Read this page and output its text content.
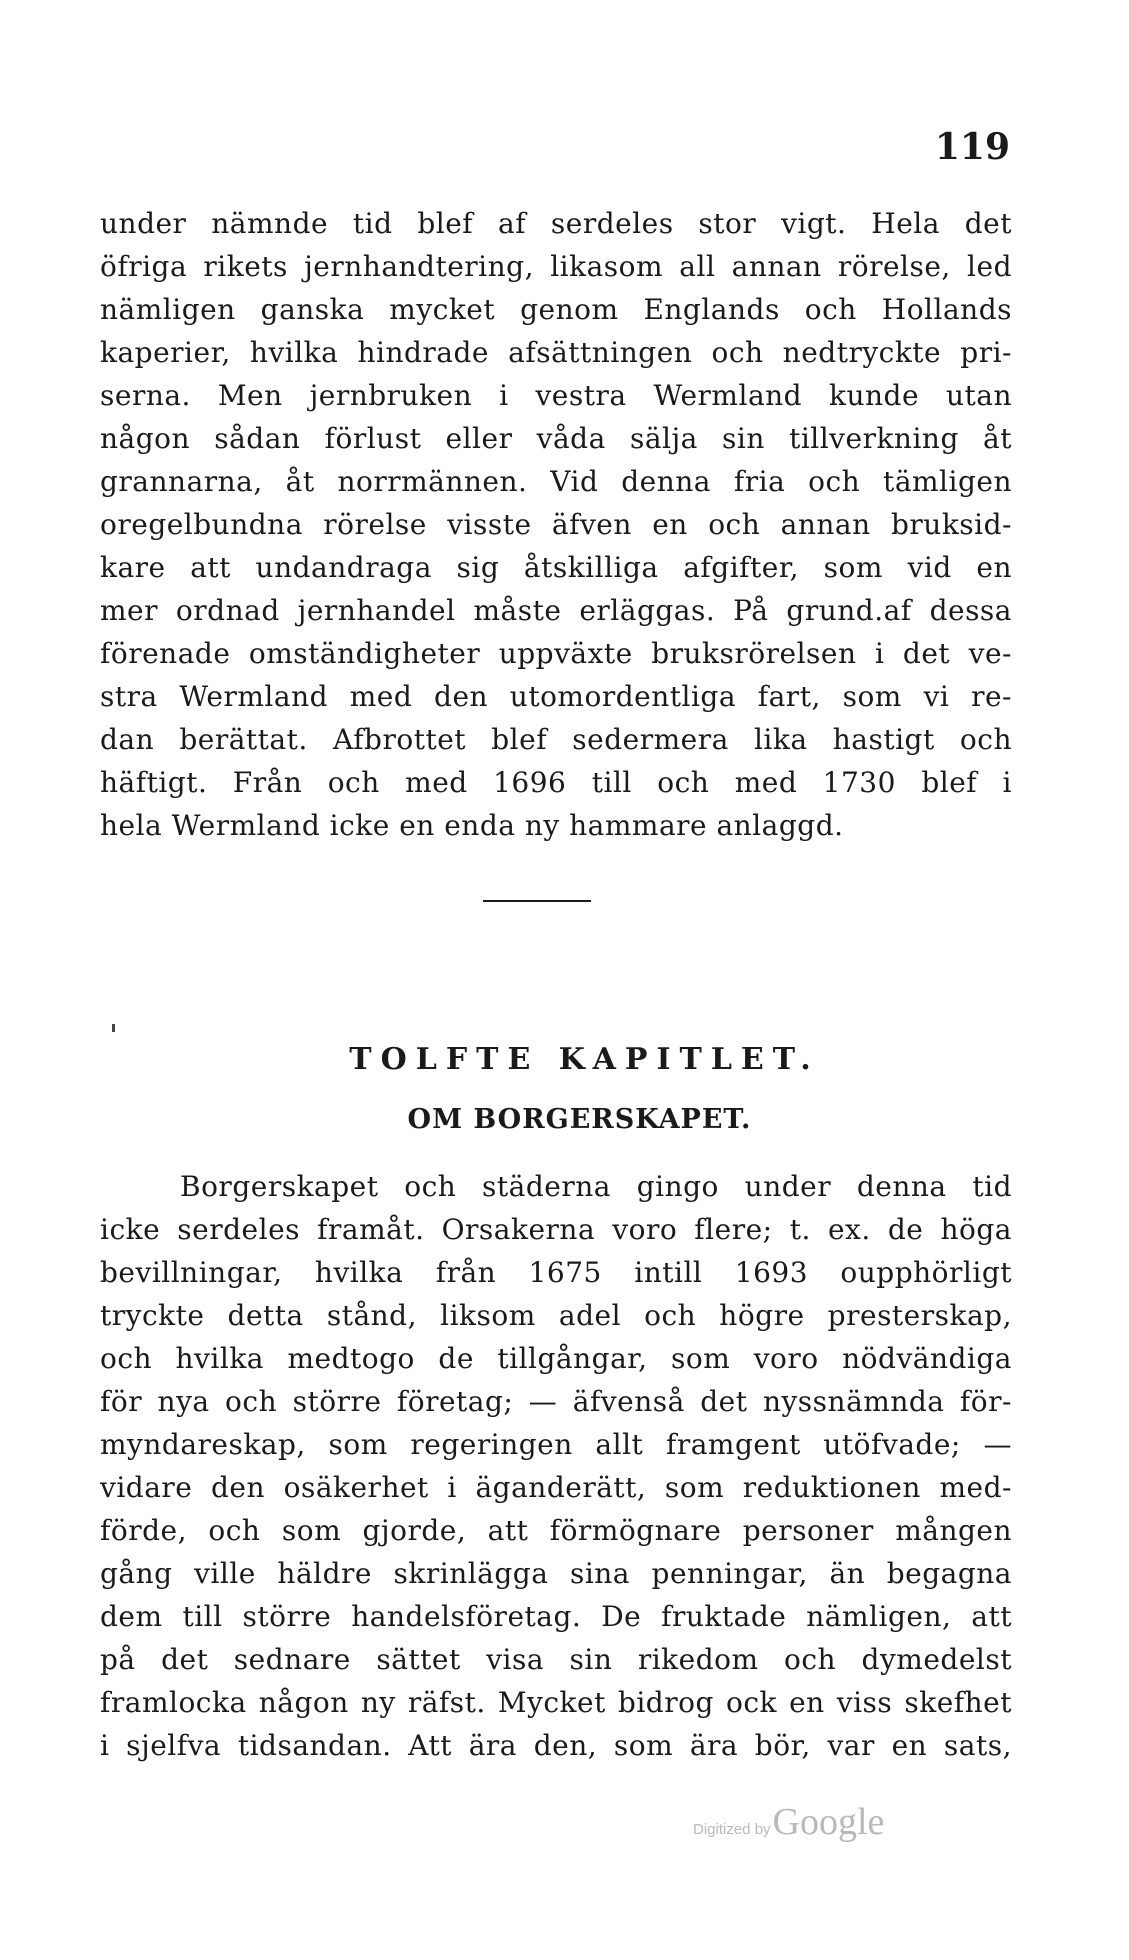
119
under nämnde tid blef af serdeles stor vigt. Hela det
öfriga rikets jernhandtering, likasom all annan rörelse, led
nämligen ganska mycket genom Englands och Hollands
kaperier, hvilka hindrade afsättningen och nedtryckte pri-
serna. Men jernbruken i vestra Wermland kunde utan
någon sådan förlust eller våda sälja sin tillverkning åt
grannarna, åt norrmännen. Vid denna fria och tämligen
oregelbundna rörelse visste äfven en och annan bruksid-
kare att undandraga sig åtskilliga afgifter, som vid en
mer ordnad jernhandel måste erläggas. På grund.af dessa
förenade omständigheter uppväxte bruksrörelsen i det ve-
stra Wermland med den utomordentliga fart, som vi re-
dan berättat. Afbrottet blef sedermera lika hastigt och
häftigt. Från och med 1696 till och med 1730 blef i
hela Wermland icke en enda ny hammare anlaggd.
TOLFTE KAPITLET.
OM BORGERSKAPET.
Borgerskapet och städerna gingo under denna tid
icke serdeles framåt. Orsakerna voro flere; t. ex. de höga
bevillningar, hvilka från 1675 intill 1693 oupphörligt
tryckte detta stånd, liksom adel och högre presterskap,
och hvilka medtogo de tillgångar, som voro nödvändiga
för nya och större företag; — äfvenså det nyssnämnda för-
myndareskap, som regeringen allt framgent utöfvade; —
vidare den osäkerhet i äganderätt, som reduktionen med-
förde, och som gjorde, att förmögnare personer mången
gång ville häldre skrinlägga sina penningar, än begagna
dem till större handelsföretag. De fruktade nämligen, att
på det sednare sättet visa sin rikedom och dymedelst
framlocka någon ny räfst. Mycket bidrog ock en viss skefhet
i sjelfva tidsandan. Att ära den, som ära bör, var en sats,
Digitized by Google
